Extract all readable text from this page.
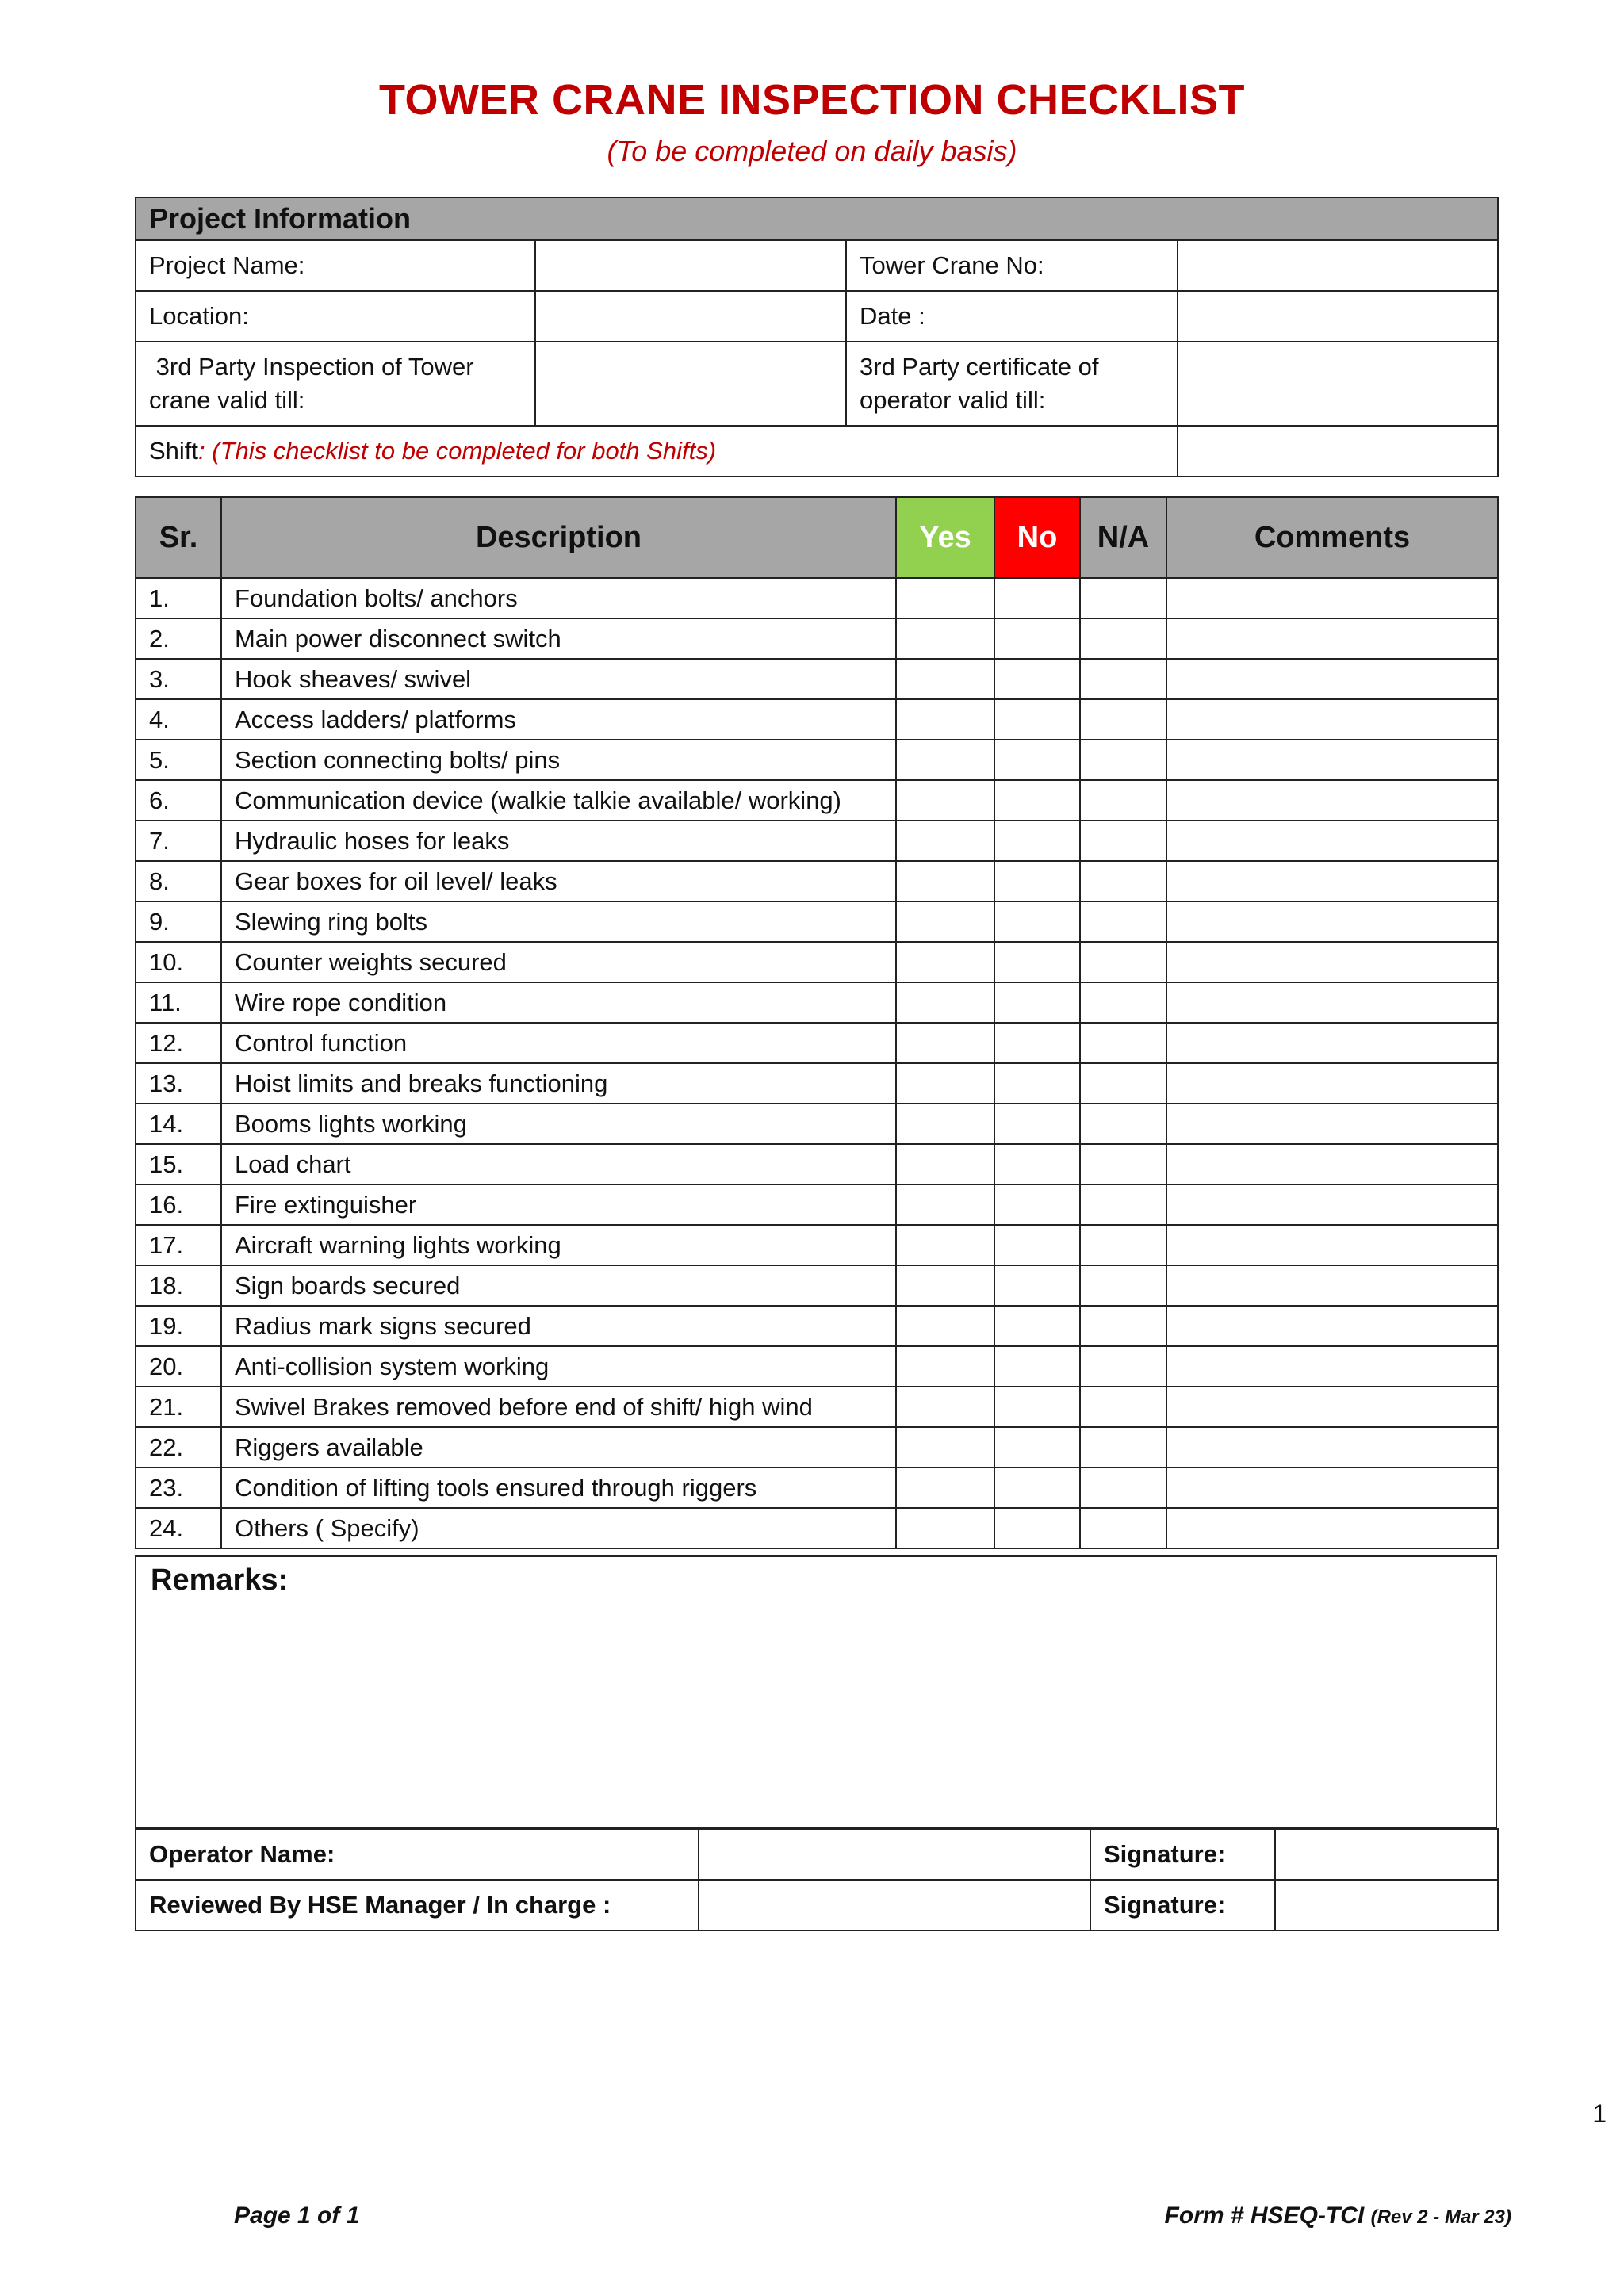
TOWER CRANE INSPECTION CHECKLIST
(To be completed on daily basis)
Project Information			
Project Name:		Tower Crane No:	
Location:		Date :	
3rd Party Inspection of Tower crane valid till:		3rd Party certificate of operator valid till:	
Shift: (This checklist to be completed for both Shifts)			
Sr.	Description	Yes	No	N/A	Comments
1.	Foundation bolts/ anchors				
2.	Main power disconnect switch				
3.	Hook sheaves/ swivel				
4.	Access ladders/ platforms				
5.	Section connecting bolts/ pins				
6.	Communication device (walkie talkie available/ working)				
7.	Hydraulic hoses for leaks				
8.	Gear boxes for oil level/ leaks				
9.	Slewing ring bolts				
10.	Counter weights secured				
11.	Wire rope condition				
12.	Control function				
13.	Hoist limits and breaks functioning				
14.	Booms lights working				
15.	Load chart				
16.	Fire extinguisher				
17.	Aircraft warning lights working				
18.	Sign boards secured				
19.	Radius mark signs secured				
20.	Anti-collision system working				
21.	Swivel Brakes removed before end of shift/ high wind				
22.	Riggers available				
23.	Condition of lifting tools ensured through riggers				
24.	Others ( Specify)				
Remarks:
Operator Name:		Signature:	
Reviewed By HSE Manager / In charge :		Signature:	
1
Page 1 of 1	Form # HSEQ-TCI (Rev 2 - Mar 23)
